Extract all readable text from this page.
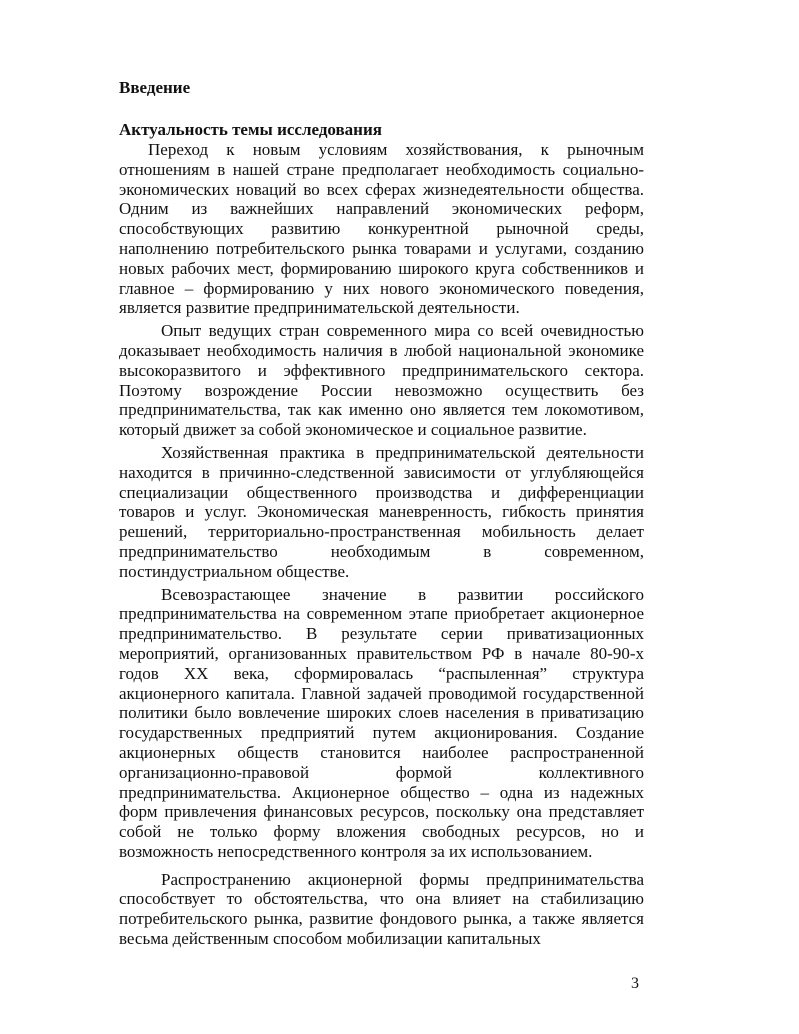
Введение
Актуальность темы исследования

Переход к новым условиям хозяйствования, к рыночным отношениям в нашей стране предполагает необходимость социально-экономических новаций во всех сферах жизнедеятельности общества. Одним из важнейших направлений экономических реформ, способствующих развитию конкурентной рыночной среды, наполнению потребительского рынка товарами и услугами, созданию новых рабочих мест, формированию широкого круга собственников и главное – формированию у них нового экономического поведения, является развитие предпринимательской деятельности.

Опыт ведущих стран современного мира со всей очевидностью доказывает необходимость наличия в любой национальной экономике высокоразвитого и эффективного предпринимательского сектора. Поэтому возрождение России невозможно осуществить без предпринимательства, так как именно оно является тем локомотивом, который движет за собой экономическое и социальное развитие.

Хозяйственная практика в предпринимательской деятельности находится в причинно-следственной зависимости от углубляющейся специализации общественного производства и дифференциации товаров и услуг. Экономическая маневренность, гибкость принятия решений, территориально-пространственная мобильность делает предпринимательство необходимым в современном, постиндустриальном обществе.

Всевозрастающее значение в развитии российского предпринимательства на современном этапе приобретает акционерное предпринимательство. В результате серии приватизационных мероприятий, организованных правительством РФ в начале 80-90-х годов XX века, сформировалась “распыленная” структура акционерного капитала. Главной задачей проводимой государственной политики было вовлечение широких слоев населения в приватизацию государственных предприятий путем акционирования. Создание акционерных обществ становится наиболее распространенной организационно-правовой формой коллективного предпринимательства. Акционерное общество – одна из надежных форм привлечения финансовых ресурсов, поскольку она представляет собой не только форму вложения свободных ресурсов, но и возможность непосредственного контроля за их использованием.

Распространению акционерной формы предпринимательства способствует то обстоятельства, что она влияет на стабилизацию потребительского рынка, развитие фондового рынка, а также является весьма действенным способом мобилизации капитальных

3
